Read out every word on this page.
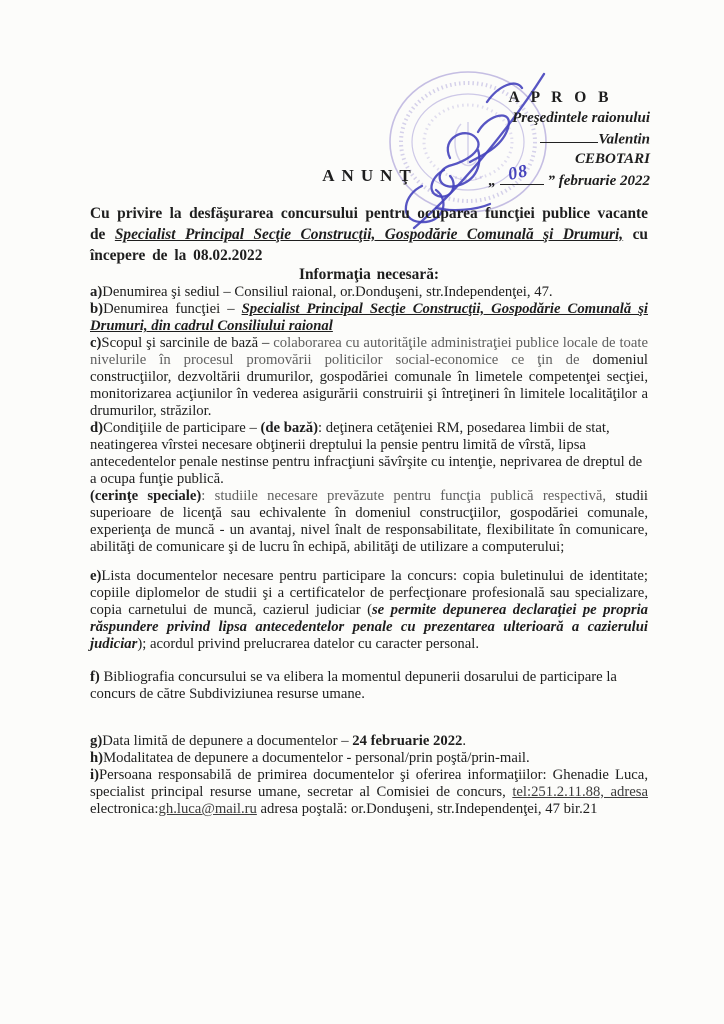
A P R O B
Preşedintele raionului
Valentin CEBOTARI
„ 08 ” februarie 2022
ANUNŢ

Cu privire la desfăşurarea concursului pentru ocuparea funcţiei publice vacante de Specialist Principal Secţie Construcţii, Gospodărie Comunală şi Drumuri, cu începere de la 08.02.2022

Informaţia necesară:

a)Denumirea şi sediul – Consiliul raional, or.Donduşeni, str.Independenţei, 47.

b)Denumirea funcţiei – Specialist Principal Secţie Construcţii, Gospodărie Comunală şi Drumuri, din cadrul Consiliului raional

c)Scopul şi sarcinile de bază – colaborarea cu autorităţile administraţiei publice locale de toate nivelurile în procesul promovării politicilor social-economice ce ţin de domeniul construcţiilor, dezvoltării drumurilor, gospodăriei comunale în limetele competenţei secţiei, monitorizarea acţiunilor în vederea asigurării construirii şi întreţineri în limitele localităţilor a drumurilor, străzilor.

d)Condiţiile de participare – (de bază): deţinera cetăţeniei RM, posedarea limbii de stat, neatingerea vîrstei necesare obţinerii dreptului la pensie pentru limită de vîrstă, lipsa antecedentelor penale nestinse pentru infracţiuni săvîrşite cu intenţie, neprivarea de dreptul de a ocupa funţie publică.

(cerinţe speciale): studiile necesare prevăzute pentru funcţia publică respectivă, studii superioare de licenţă sau echivalente în domeniul construcţiilor, gospodăriei comunale, experienţa de muncă - un avantaj, nivel înalt de responsabilitate, flexibilitate în comunicare, abilităţi de comunicare şi de lucru în echipă, abilităţi de utilizare a computerului;

e)Lista documentelor necesare pentru participare la concurs: copia buletinului de identitate; copiile diplomelor de studii şi a certificatelor de perfecţionare profesională sau specializare, copia carnetului de muncă, cazierul judiciar (se permite depunerea declaraţiei pe propria răspundere privind lipsa antecedentelor penale cu prezentarea ulterioară a cazierului judiciar); acordul privind prelucrarea datelor cu caracter personal.

f) Bibliografia concursului se va elibera la momentul depunerii dosarului de participare la concurs de către Subdiviziunea resurse umane.

g)Data limită de depunere a documentelor – 24 februarie 2022.

h)Modalitatea de depunere a documentelor - personal/prin poştă/prin-mail.

i)Persoana responsabilă de primirea documentelor şi oferirea informaţiilor: Ghenadie Luca, specialist principal resurse umane, secretar al Comisiei de concurs, tel:251.2.11.88, adresa electronica:gh.luca@mail.ru adresa poştală: or.Donduşeni, str.Independenţei, 47 bir.21
